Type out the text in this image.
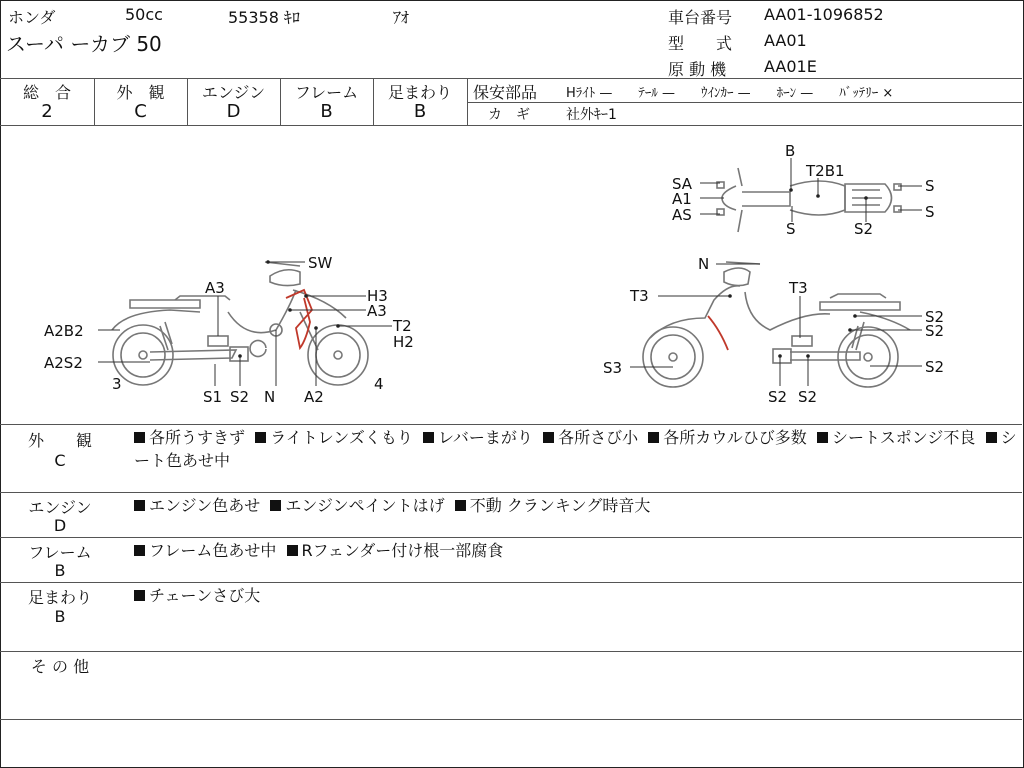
ホンダ	50cc	55358 ｷﾛ	ｱｵ
スーパ ーカブ 50
車台番号 AA01-1096852
型　　式 AA01
原 動 機 AA01E
総　合
2
外　観
C
エンジン
D
フレーム
B
足まわり
B
保安部品 Hﾗｲﾄ —　　ﾃｰﾙ —　　ｳｲﾝｶｰ —　　ﾎｰﾝ —　　ﾊﾞｯﾃﾘｰ ×
カ　ギ	社外ｷｰ1
SW
A3	H3
A3
T2
H2
A2B2
A2S2
3	4
S1 S2 N A2
N
T3	T3
S3
S2
S2
S2
S2 S2
B
T2B1
SA
A1
AS
S	S2
S
S
外　　観
C
各所うすきず ライトレンズくもり レバーまがり 各所さび小 各所カウルひび多数 シートスポンジ不良 シート色あせ中
エンジン
D
エンジン色あせ エンジンペイントはげ 不動 クランキング時音大
フレーム
B
フレーム色あせ中 Rフェンダー付け根一部腐食
足まわり
B
チェーンさび大
そ の 他
